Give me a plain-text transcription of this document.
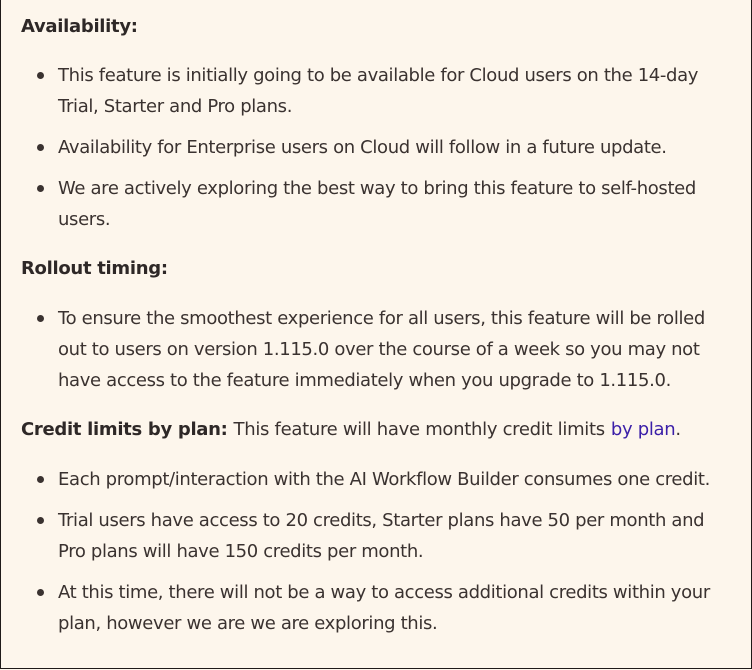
Availability:

This feature is initially going to be available for Cloud users on the 14-day Trial, Starter and Pro plans.
Availability for Enterprise users on Cloud will follow in a future update.
We are actively exploring the best way to bring this feature to self-hosted users.

Rollout timing:

To ensure the smoothest experience for all users, this feature will be rolled out to users on version 1.115.0 over the course of a week so you may not have access to the feature immediately when you upgrade to 1.115.0.

Credit limits by plan: This feature will have monthly credit limits by plan.

Each prompt/interaction with the AI Workflow Builder consumes one credit.
Trial users have access to 20 credits, Starter plans have 50 per month and Pro plans will have 150 credits per month.
At this time, there will not be a way to access additional credits within your plan, however we are we are exploring this.
